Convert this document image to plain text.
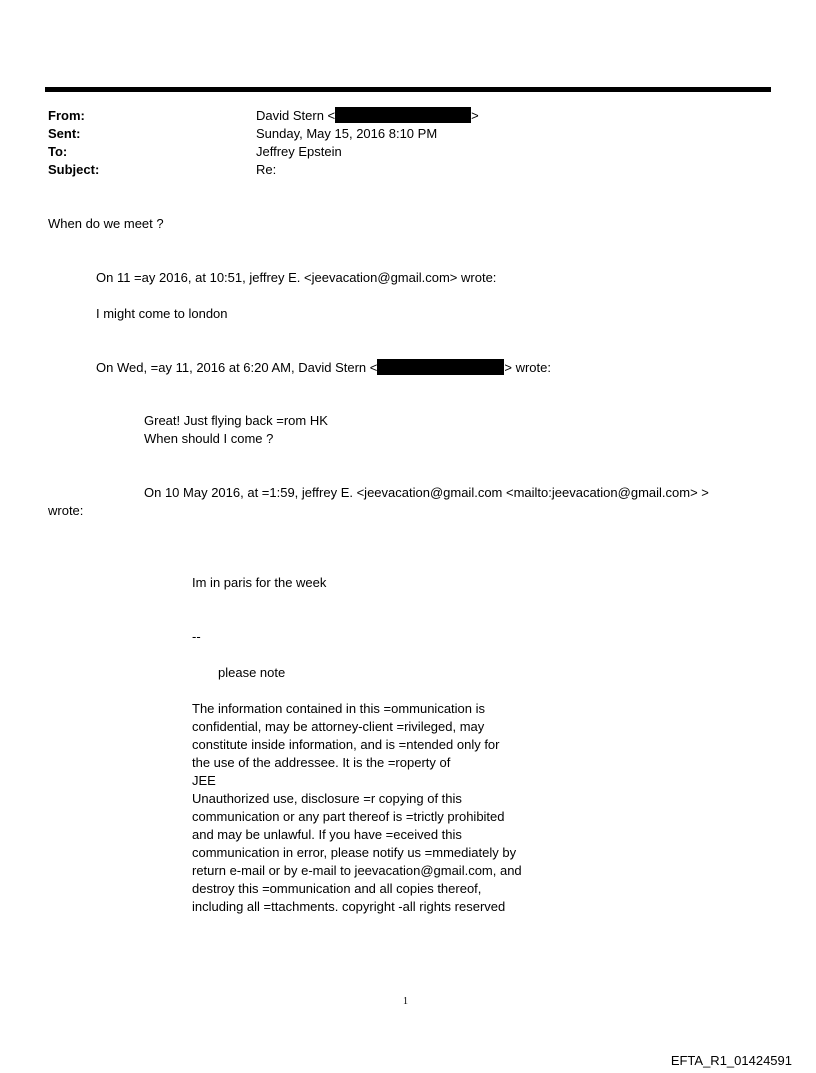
From:	David Stern <	>
Sent:	Sunday, May 15, 2016 8:10 PM
To:	Jeffrey Epstein
Subject:	Re:
When do we meet ?
On 11 =ay 2016, at 10:51, jeffrey E. <jeevacation@gmail.com> wrote:
I might come to london
On Wed, =ay 11, 2016 at 6:20 AM, David Stern <	> wrote:
Great! Just flying back =rom HK
When should I come ?
On 10 May 2016, at =1:59, jeffrey E. <jeevacation@gmail.com <mailto:jeevacation@gmail.com> >
wrote:
Im in paris for the week
--
please note
The information contained in this =ommunication is
confidential, may be attorney-client =rivileged, may
constitute inside information, and is =ntended only for
the use of the addressee. It is the =roperty of
JEE
Unauthorized use, disclosure =r copying of this
communication or any part thereof is =trictly prohibited
and may be unlawful. If you have =eceived this
communication in error, please notify us =mmediately by
return e-mail or by e-mail to jeevacation@gmail.com, and
destroy this =ommunication and all copies thereof,
including all =ttachments. copyright -all rights reserved
1
EFTA_R1_01424591
